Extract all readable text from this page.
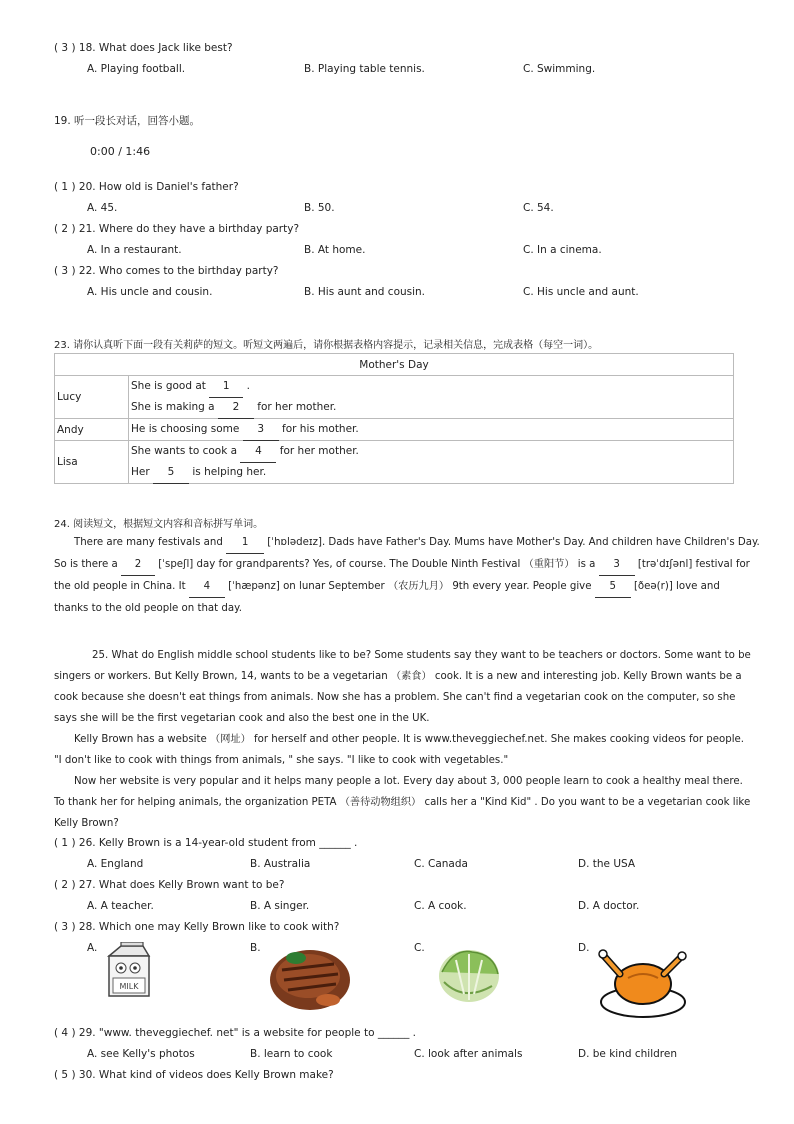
( 3 ) 18. What does Jack like best?
A. Playing football.	B. Playing table tennis.	C. Swimming.
19. 听一段长对话，回答小题。
0:00 / 1:46
( 1 ) 20. How old is Daniel's father?
A. 45.	B. 50.	C. 54.
( 2 ) 21. Where do they have a birthday party?
A. In a restaurant.	B. At home.	C. In a cinema.
( 3 ) 22. Who comes to the birthday party?
A. His uncle and cousin.	B. His aunt and cousin.	C. His uncle and aunt.
23. 请你认真听下面一段有关莉萨的短文。听短文两遍后，请你根据表格内容提示，记录相关信息，完成表格（每空一词）。
Mother's Day	
Lucy	She is good at 1 .
She is making a 2 for her mother.

Andy	He is choosing some 3 for his mother.

Lisa	She wants to cook a 4 for her mother.
Her 5 is helping her.
24. 阅读短文，根据短文内容和音标拼写单词。
There are many festivals and 1 [ˈhɒlədeɪz]. Dads have Father's Day. Mums have Mother's Day. And children have Children's Day.
So is there a 2 [ˈspeʃl] day for grandparents? Yes, of course. The Double Ninth Festival （重阳节） is a 3 [trəˈdɪʃənl] festival for
the old people in China. It 4 [ˈhæpənz] on lunar September （农历九月） 9th every year. People give 5 [ðeə(r)] love and
thanks to the old people on that day.
25. What do English middle school students like to be? Some students say they want to be teachers or doctors. Some want to be
singers or workers. But Kelly Brown, 14, wants to be a vegetarian （素食） cook. It is a new and interesting job. Kelly Brown wants be a
cook because she doesn't eat things from animals. Now she has a problem. She can't find a vegetarian cook on the computer, so she
says she will be the first vegetarian cook and also the best one in the UK.
Kelly Brown has a website （网址） for herself and other people. It is www.theveggiechef.net. She makes cooking videos for people.
"I don't like to cook with things from animals, " she says. "I like to cook with vegetables."
Now her website is very popular and it helps many people a lot. Every day about 3, 000 people learn to cook a healthy meal there.
To thank her for helping animals, the organization PETA （善待动物组织） calls her a "Kind Kid" . Do you want to be a vegetarian cook like
Kelly Brown?
( 1 ) 26. Kelly Brown is a 14-year-old student from ______ .
A. England	B. Australia	C. Canada	D. the USA
( 2 ) 27. What does Kelly Brown want to be?
A. A teacher.	B. A singer.	C. A cook.	D. A doctor.
( 3 ) 28. Which one may Kelly Brown like to cook with?
A.	B.	C.	D.
MILK
( 4 ) 29. "www. theveggiechef. net" is a website for people to ______ .
A. see Kelly's photos	B. learn to cook	C. look after animals	D. be kind children
( 5 ) 30. What kind of videos does Kelly Brown make?
